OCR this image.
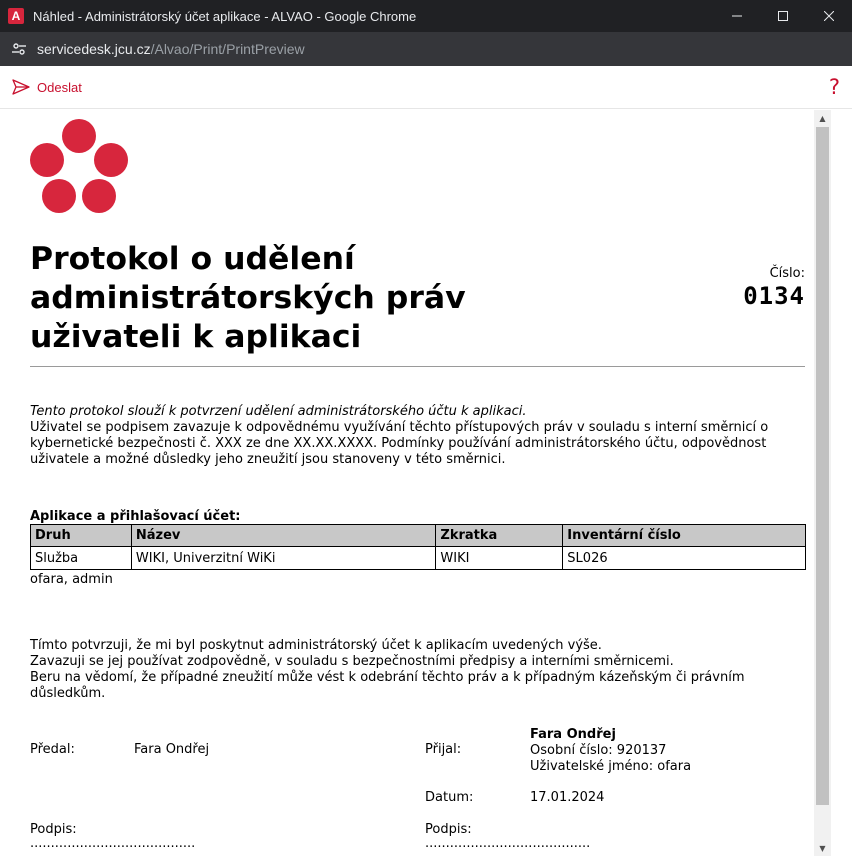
A Náhled - Administrátorský účet aplikace - ALVAO - Google Chrome
servicedesk.jcu.cz /Alvao/Print/PrintPreview
Odeslat	?
Protokol o udělení administrátorských práv uživateli k aplikaci
Číslo:
0134
Tento protokol slouží k potvrzení udělení administrátorského účtu k aplikaci.
Uživatel se podpisem zavazuje k odpovědnému využívání těchto přístupových práv v souladu s interní směrnicí o kybernetické bezpečnosti č. XXX ze dne XX.XX.XXXX. Podmínky používání administrátorského účtu, odpovědnost uživatele a možné důsledky jeho zneužití jsou stanoveny v této směrnici.
Aplikace a přihlašovací účet:
Druh	Název	Zkratka	Inventární číslo
Služba	WIKI, Univerzitní WiKi	WIKI	SL026
ofara, admin
Tímto potvrzuji, že mi byl poskytnut administrátorský účet k aplikacím uvedených výše.
Zavazuji se jej používat zodpovědně, v souladu s bezpečnostními předpisy a interními směrnicemi.
Beru na vědomí, že případné zneužití může vést k odebrání těchto práv a k případným kázeňským či právním důsledkům.
Předal:	Fara Ondřej	Přijal:
Fara Ondřej
Osobní číslo: 920137
Uživatelské jméno: ofara
Datum:	17.01.2024
Podpis:
........................................
Podpis:
........................................
▲
▼
